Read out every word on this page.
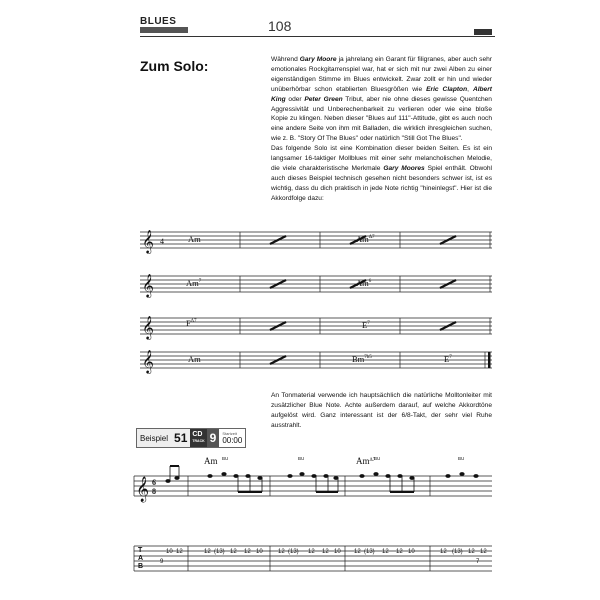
BLUES	108
Zum Solo:	Während Gary Moore ja jahrelang ein Garant für filigranes, aber auch sehr emotionales Rockgitarrenspiel war, hat er sich mit nur zwei Alben zu einer eigenständigen Stimme im Blues entwickelt. Zwar zollt er hin und wieder unüberhörbar schon etablierten Bluesgrößen wie Eric Clapton, Albert King oder Peter Green Tribut, aber nie ohne dieses gewisse Quentchen Aggressivität und Unberechenbarkeit zu verlieren oder wie eine bloße Kopie zu klingen. Neben dieser "Blues auf 111"-Attitude, gibt es auch noch eine andere Seite von ihm mit Balladen, die wirklich ihresgleichen suchen, wie z. B. "Story Of The Blues" oder natürlich "Still Got The Blues".

Das folgende Solo ist eine Kombination dieser beiden Seiten. Es ist ein langsamer 16-taktiger Mollblues mit einer sehr melancholischen Melodie, die viele charakteristische Merkmale Gary Moores Spiel enthält. Obwohl auch dieses Beispiel technisch gesehen nicht besonders schwer ist, ist es wichtig, dass du dich praktisch in jede Note richtig "hineinlegst". Hier ist die Akkordfolge dazu:

𝄞 4	Am	$Am^{\Delta 7}$
𝄞	Am$^7$	Am$^6$
𝄞	$F^{\Delta 7}$	$E^7$
𝄞	Am	$Bm^{7b5}$	$E^7$
An Tonmaterial verwende ich hauptsächlich die natürliche Molltonleiter mit zusätzlicher Blue Note. Achte außerdem darauf, auf welche Akkordtöne aufgelöst wird. Ganz interessant ist der 6/8-Takt, der sehr viel Ruhe ausstrahlt.
Beispiel 51 CD
TRACK 9	Startzeit
00:00
Am	$Am^{\Delta 7}$
𝄞 6
8
BU	BU	BU	BU
T
A
B
10 12	12 (13) 12 12 10	12 (13) 12 12 10 12 (13) 12 12 10	12 (13) 12 12
9	7
